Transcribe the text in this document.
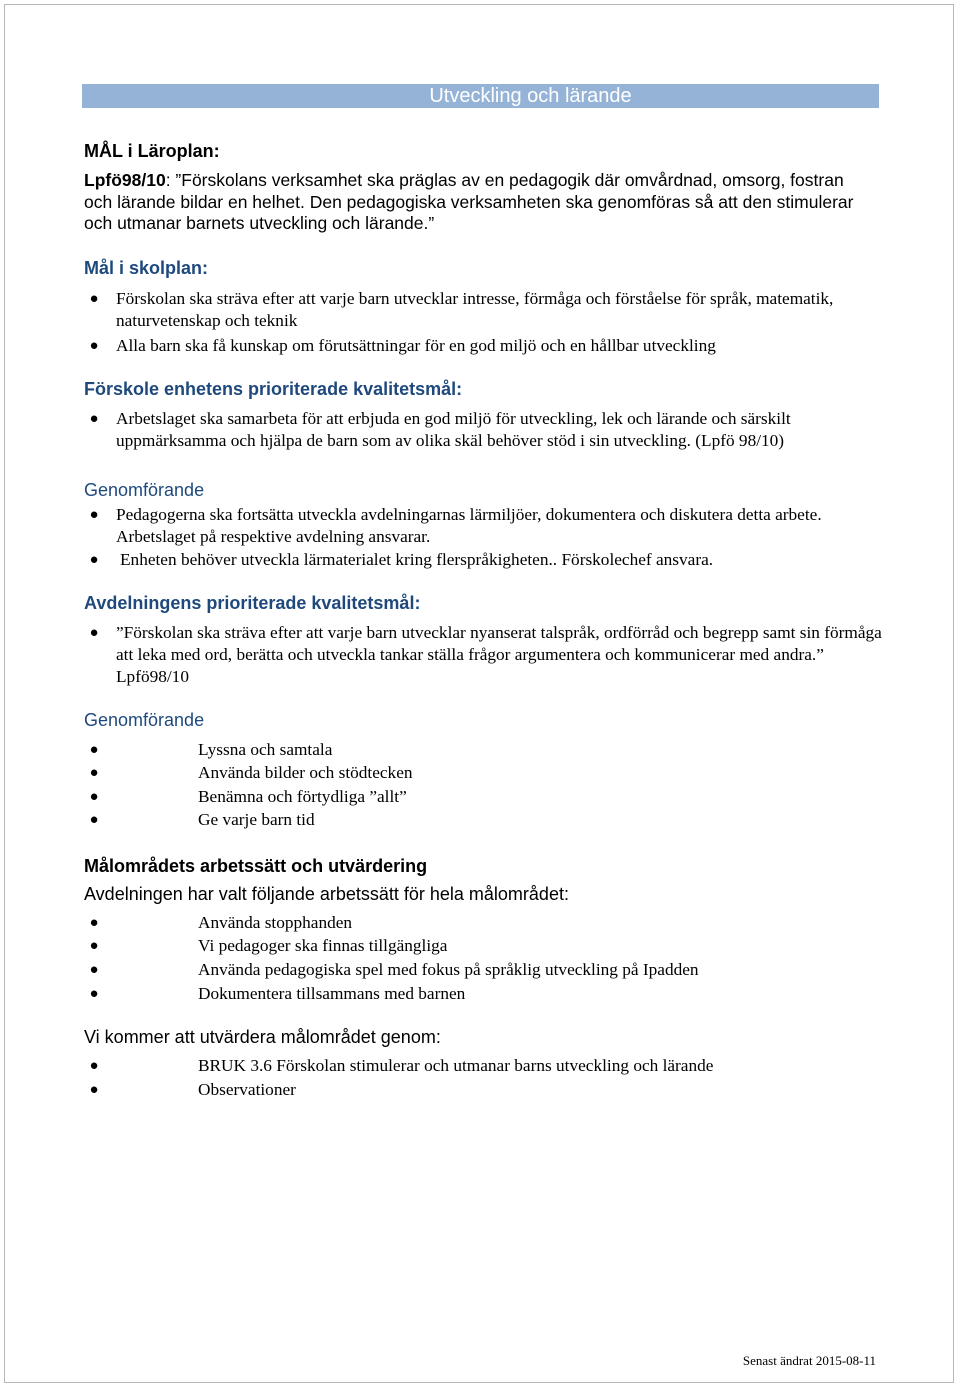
Utveckling och lärande
MÅL i Läroplan:
Lpfö98/10: ”Förskolans verksamhet ska präglas av en pedagogik där omvårdnad, omsorg, fostran och lärande bildar en helhet. Den pedagogiska verksamheten ska genomföras så att den stimulerar och utmanar barnets utveckling och lärande.”
Mål i skolplan:
●	Förskolan ska sträva efter att varje barn utvecklar intresse, förmåga och förståelse för språk, matematik, naturvetenskap och teknik
●	Alla barn ska få kunskap om förutsättningar för en god miljö och en hållbar utveckling
Förskole enhetens prioriterade kvalitetsmål:
●	Arbetslaget ska samarbeta för att erbjuda en god miljö för utveckling, lek och lärande och särskilt uppmärksamma och hjälpa de barn som av olika skäl behöver stöd i sin utveckling. (Lpfö 98/10)
Genomförande
●	Pedagogerna ska fortsätta utveckla avdelningarnas lärmiljöer, dokumentera och diskutera detta arbete. Arbetslaget på respektive avdelning ansvarar.
●	Enheten behöver utveckla lärmaterialet kring flerspråkigheten.. Förskolechef ansvara.
Avdelningens prioriterade kvalitetsmål:
●	”Förskolan ska sträva efter att varje barn utvecklar nyanserat talspråk, ordförråd och begrepp samt sin förmåga att leka med ord, berätta och utveckla tankar ställa frågor argumentera och kommunicerar med andra.” Lpfö98/10
Genomförande
●	Lyssna och samtala
●	Använda bilder och stödtecken
●	Benämna och förtydliga ”allt”
●	Ge varje barn tid
Målområdets arbetssätt och utvärdering
Avdelningen har valt följande arbetssätt för hela målområdet:
●	Använda stopphanden
●	Vi pedagoger ska finnas tillgängliga
●	Använda pedagogiska spel med fokus på språklig utveckling på Ipadden
●	Dokumentera tillsammans med barnen
Vi kommer att utvärdera målområdet genom:
●	BRUK 3.6 Förskolan stimulerar och utmanar barns utveckling och lärande
●	Observationer
Senast ändrat 2015-08-11
